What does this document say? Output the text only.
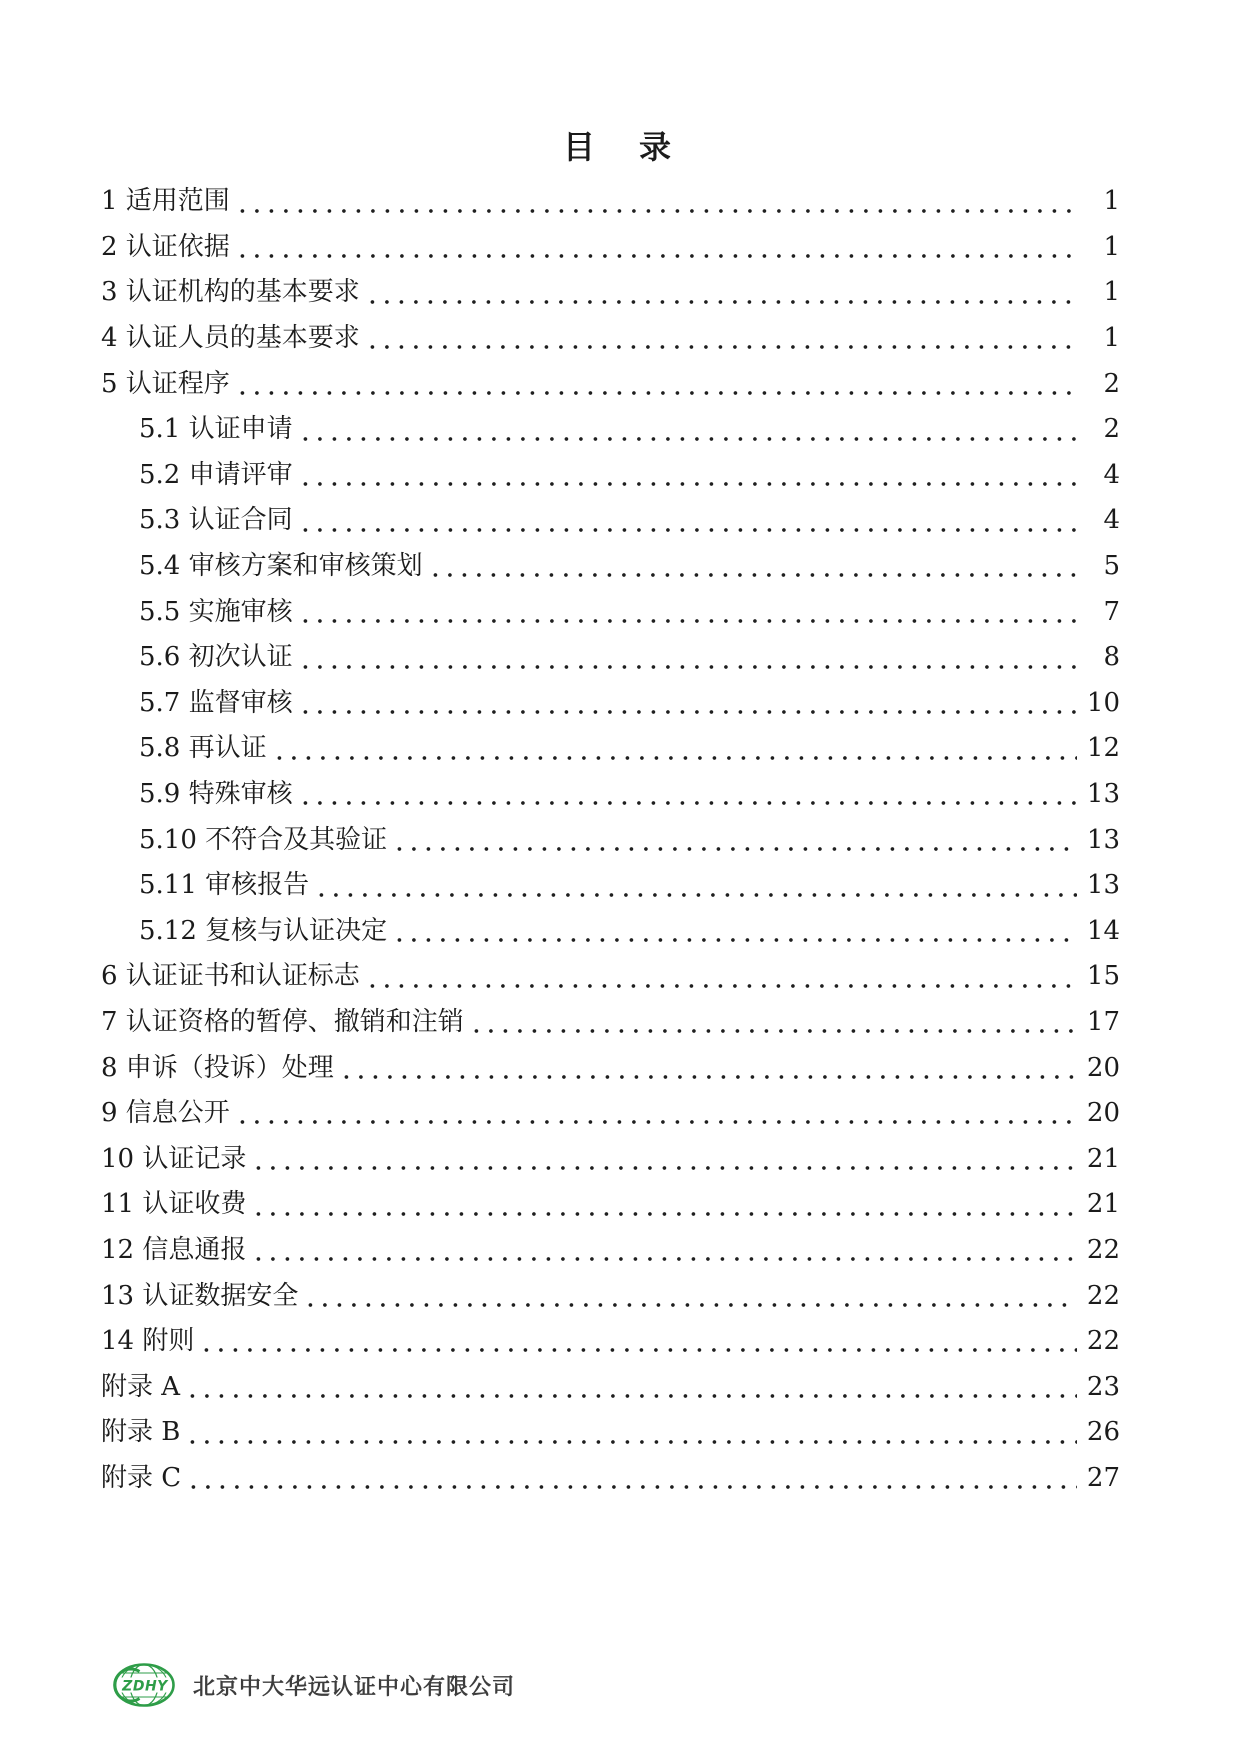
目　录
1 适用范围	1
2 认证依据	1
3 认证机构的基本要求	1
4 认证人员的基本要求	1
5 认证程序	2
5.1 认证申请	2
5.2 申请评审	4
5.3 认证合同	4
5.4 审核方案和审核策划	5
5.5 实施审核	7
5.6 初次认证	8
5.7 监督审核	10
5.8 再认证	12
5.9 特殊审核	13
5.10 不符合及其验证	13
5.11 审核报告	13
5.12 复核与认证决定	14
6 认证证书和认证标志	15
7 认证资格的暂停、撤销和注销	17
8 申诉（投诉）处理	20
9 信息公开	20
10 认证记录	21
11 认证收费	21
12 信息通报	22
13 认证数据安全	22
14 附则	22
附录 A	23
附录 B	26
附录 C	27
ZDHY 北京中大华远认证中心有限公司
